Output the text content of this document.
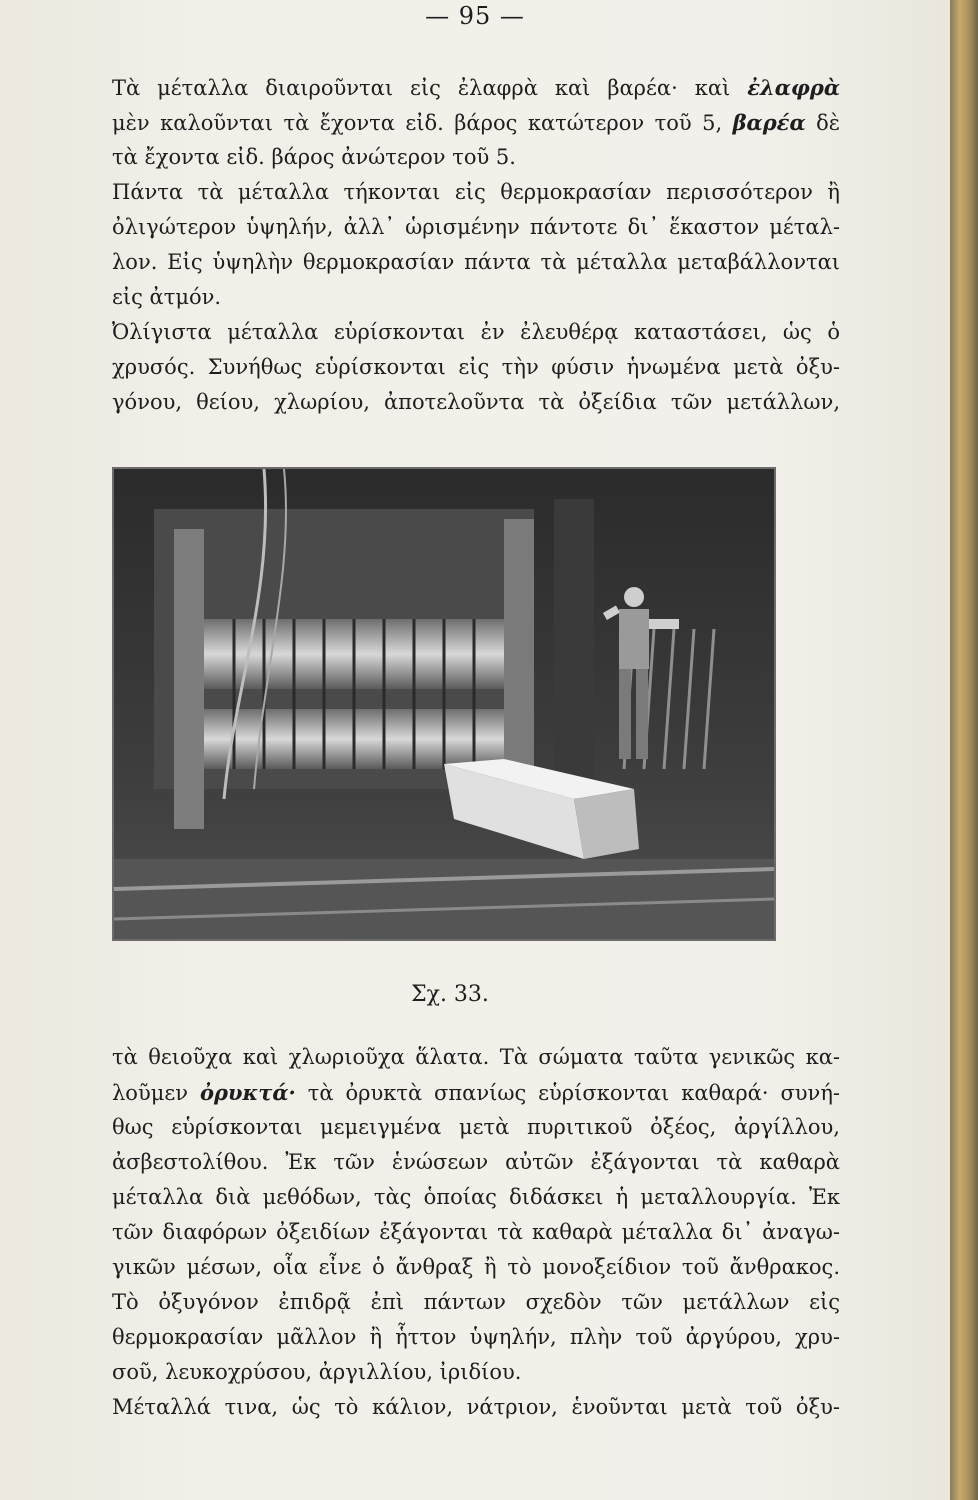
— 95 —
Τὰ μέταλλα διαιροῦνται εἰς ἐλαφρὰ καὶ βαρέα· καὶ ἐλαφρὰ
μὲν καλοῦνται τὰ ἔχοντα εἰδ. βάρος κατώτερον τοῦ 5, βαρέα δὲ
τὰ ἔχοντα εἰδ. βάρος ἀνώτερον τοῦ 5.
Πάντα τὰ μέταλλα τήκονται εἰς θερμοκρασίαν περισσότερον ἢ
ὀλιγώτερον ὑψηλήν, ἀλλ᾽ ὡρισμένην πάντοτε δι᾽ ἕκαστον μέταλ-
λον. Εἰς ὑψηλὴν θερμοκρασίαν πάντα τὰ μέταλλα μεταβάλλονται
εἰς ἀτμόν.
Ὀλίγιστα μέταλλα εὑρίσκονται ἐν ἐλευθέρᾳ καταστάσει, ὡς ὁ
χρυσός. Συνήθως εὑρίσκονται εἰς τὴν φύσιν ἡνωμένα μετὰ ὀξυ-
γόνου, θείου, χλωρίου, ἀποτελοῦντα τὰ ὀξείδια τῶν μετάλλων,
Σχ. 33.
τὰ θειοῦχα καὶ χλωριοῦχα ἅλατα. Τὰ σώματα ταῦτα γενικῶς κα-
λοῦμεν ὀρυκτά· τὰ ὀρυκτὰ σπανίως εὑρίσκονται καθαρά· συνή-
θως εὑρίσκονται μεμειγμένα μετὰ πυριτικοῦ ὀξέος, ἀργίλλου,
ἀσβεστολίθου. Ἐκ τῶν ἑνώσεων αὐτῶν ἐξάγονται τὰ καθαρὰ
μέταλλα διὰ μεθόδων, τὰς ὁποίας διδάσκει ἡ μεταλλουργία. Ἐκ
τῶν διαφόρων ὀξειδίων ἐξάγονται τὰ καθαρὰ μέταλλα δι᾽ ἀναγω-
γικῶν μέσων, οἷα εἶνε ὁ ἄνθραξ ἢ τὸ μονοξείδιον τοῦ ἄνθρακος.
Τὸ ὀξυγόνον ἐπιδρᾷ ἐπὶ πάντων σχεδὸν τῶν μετάλλων εἰς
θερμοκρασίαν μᾶλλον ἢ ἧττον ὑψηλήν, πλὴν τοῦ ἀργύρου, χρυ-
σοῦ, λευκοχρύσου, ἀργιλλίου, ἰριδίου.
Μέταλλά τινα, ὡς τὸ κάλιον, νάτριον, ἑνοῦνται μετὰ τοῦ ὀξυ-
